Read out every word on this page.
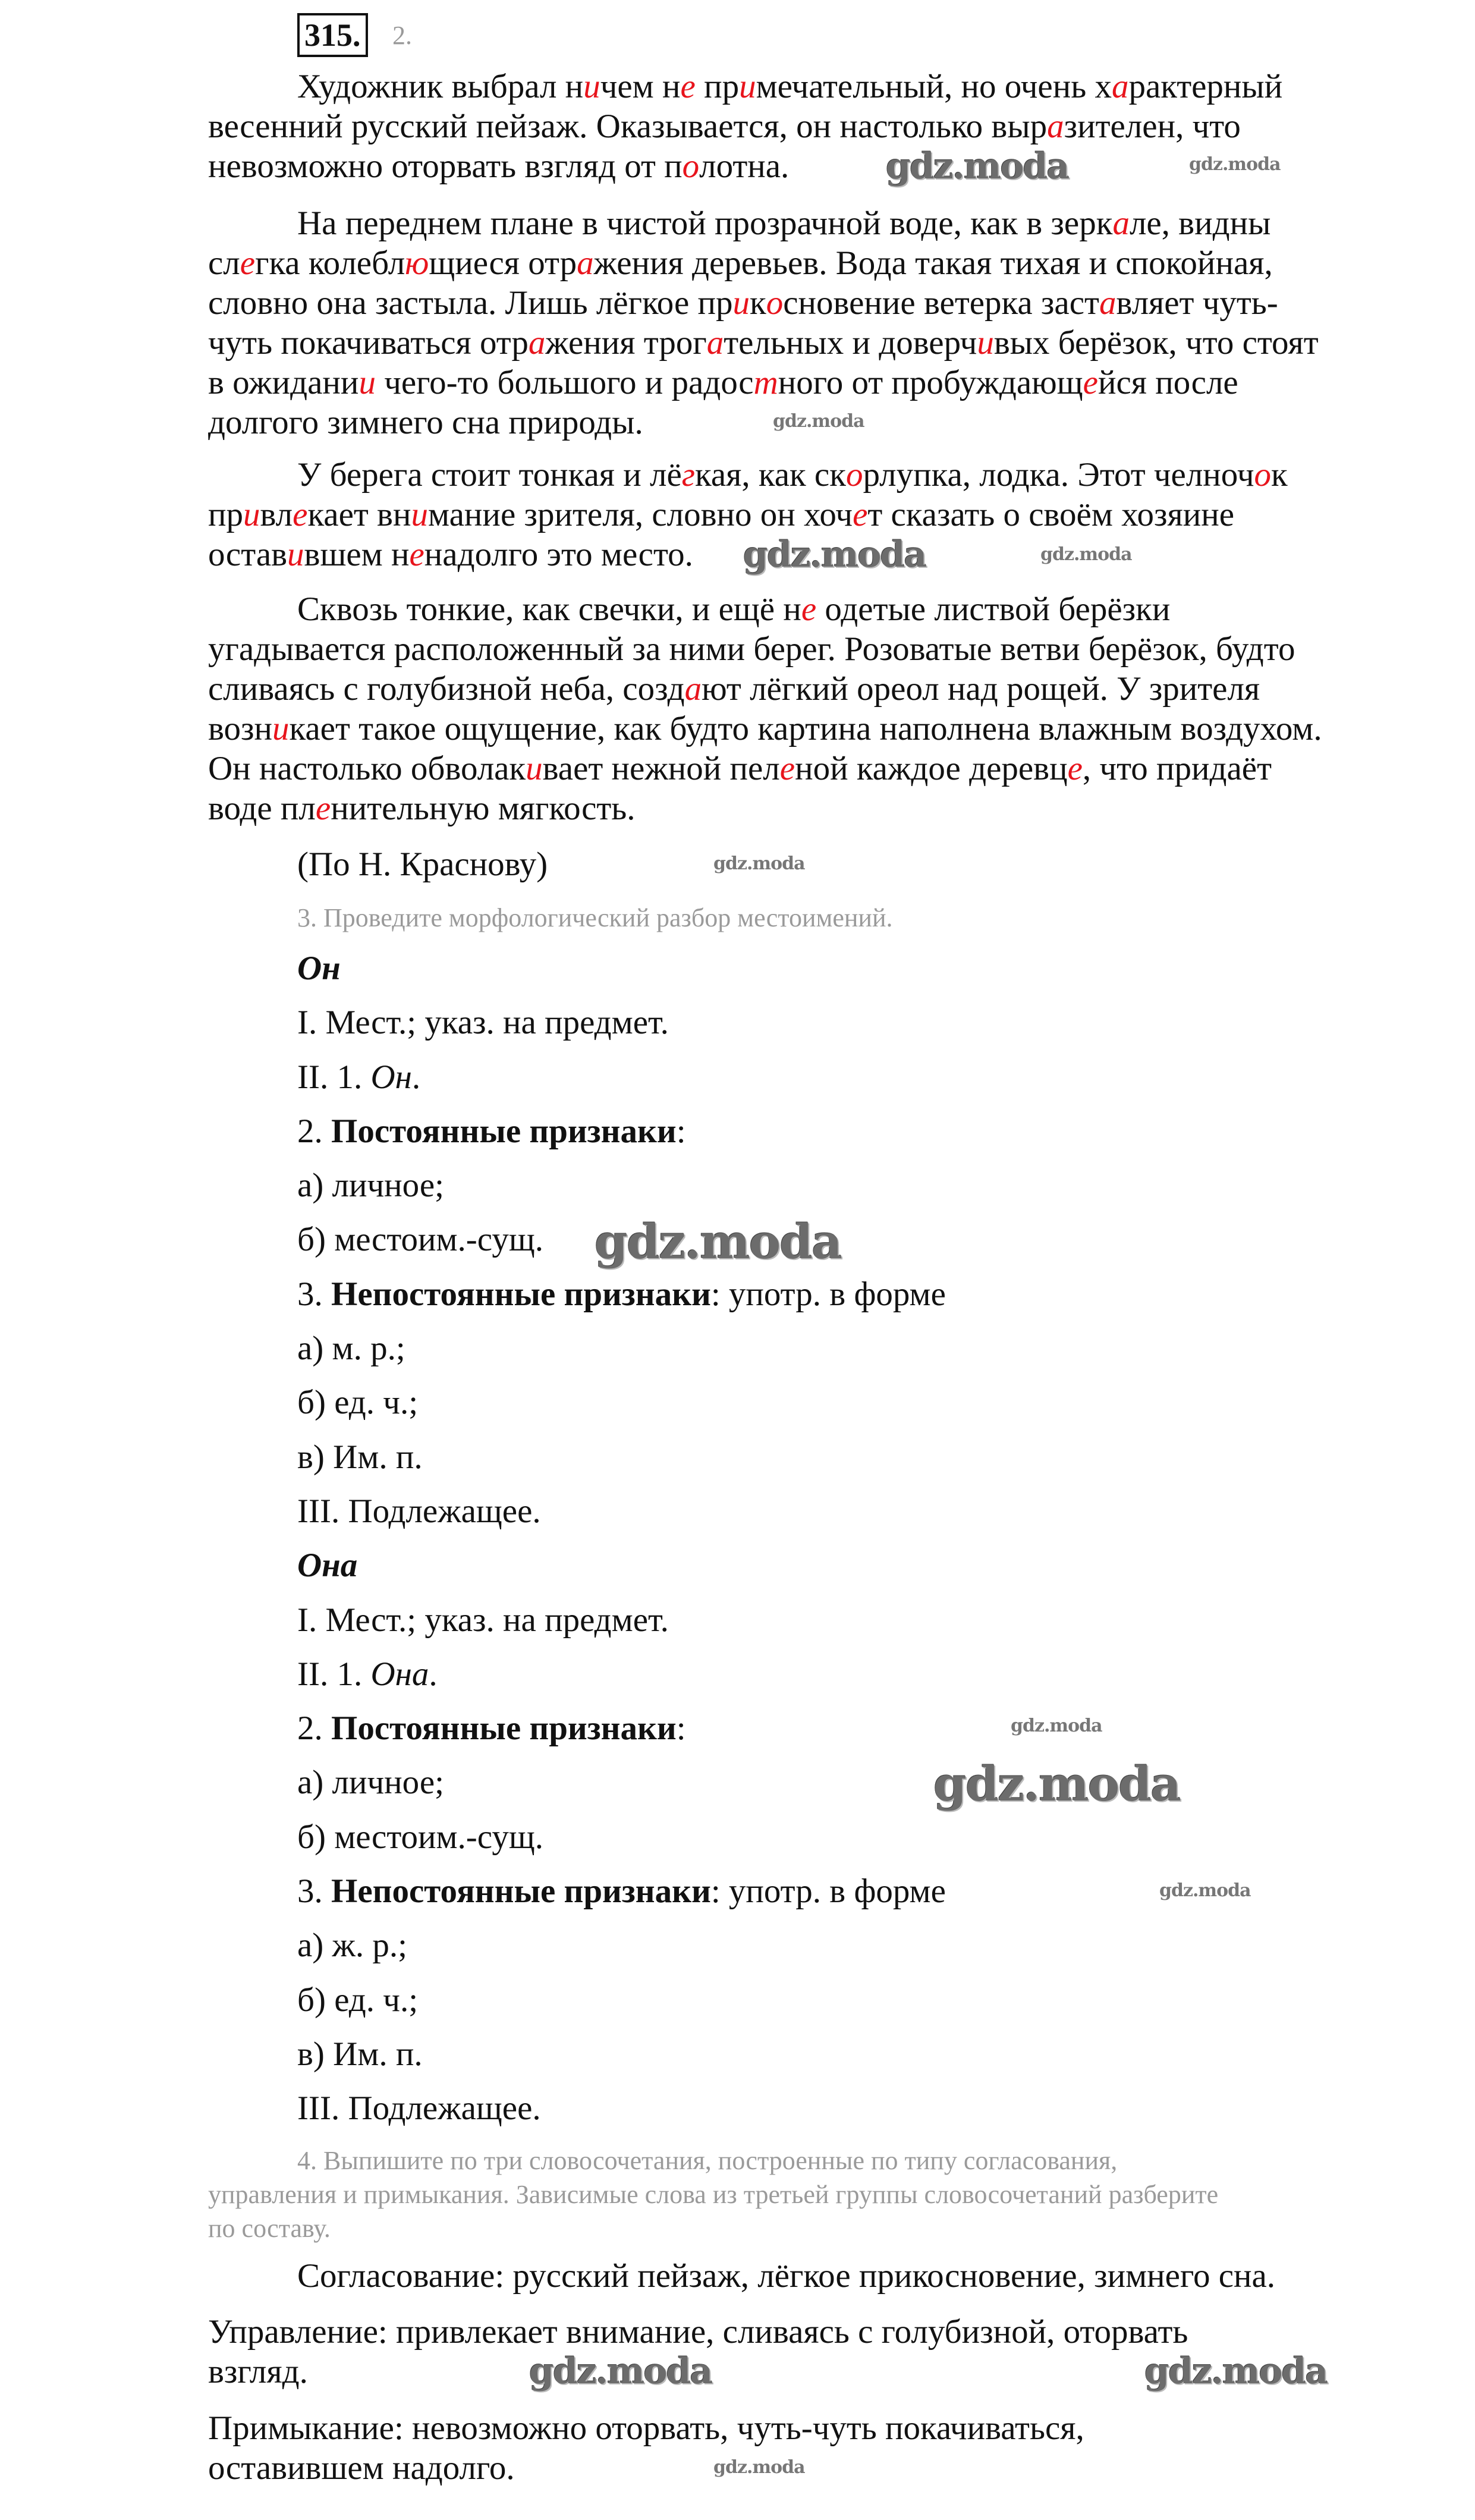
315. 2.
Художник выбрал ничем не примечательный, но очень характерный
весенний русский пейзаж. Оказывается, он настолько выразителен, что
невозможно оторвать взгляд от полотна.
На переднем плане в чистой прозрачной воде, как в зеркале, видны
слегка колеблющиеся отражения деревьев. Вода такая тихая и спокойная,
словно она застыла. Лишь лёгкое прикосновение ветерка заставляет чуть-
чуть покачиваться отражения трогательных и доверчивых берёзок, что стоят
в ожидании чего-то большого и радостного от пробуждающейся после
долгого зимнего сна природы.
У берега стоит тонкая и лёгкая, как скорлупка, лодка. Этот челночок
привлекает внимание зрителя, словно он хочет сказать о своём хозяине
оставившем ненадолго это место.
Сквозь тонкие, как свечки, и ещё не одетые листвой берёзки
угадывается расположенный за ними берег. Розоватые ветви берёзок, будто
сливаясь с голубизной неба, создают лёгкий ореол над рощей. У зрителя
возникает такое ощущение, как будто картина наполнена влажным воздухом.
Он настолько обволакивает нежной пеленой каждое деревце, что придаёт
воде пленительную мягкость.
(По Н. Краснову)
3. Проведите морфологический разбор местоимений.
Он
I. Мест.; указ. на предмет.
II. 1. Он.
2. Постоянные признаки:
а) личное;
б) местоим.-сущ.
3. Непостоянные признаки: употр. в форме
а) м. р.;
б) ед. ч.;
в) Им. п.
III. Подлежащее.
Она
I. Мест.; указ. на предмет.
II. 1. Она.
2. Постоянные признаки:
а) личное;
б) местоим.-сущ.
3. Непостоянные признаки: употр. в форме
а) ж. р.;
б) ед. ч.;
в) Им. п.
III. Подлежащее.
4. Выпишите по три словосочетания, построенные по типу согласования,
управления и примыкания. Зависимые слова из третьей группы словосочетаний разберите
по составу.
Согласование: русский пейзаж, лёгкое прикосновение, зимнего сна.
Управление: привлекает внимание, сливаясь с голубизной, оторвать
взгляд.
Примыкание: невозможно оторвать, чуть-чуть покачиваться,
оставившем надолго.
gdz.moda
gdz.moda
gdz.moda
gdz.moda
gdz.moda	gdz.moda
gdz.moda
gdz.moda
gdz.moda
gdz.moda
gdz.moda
gdz.moda
gdz.moda
